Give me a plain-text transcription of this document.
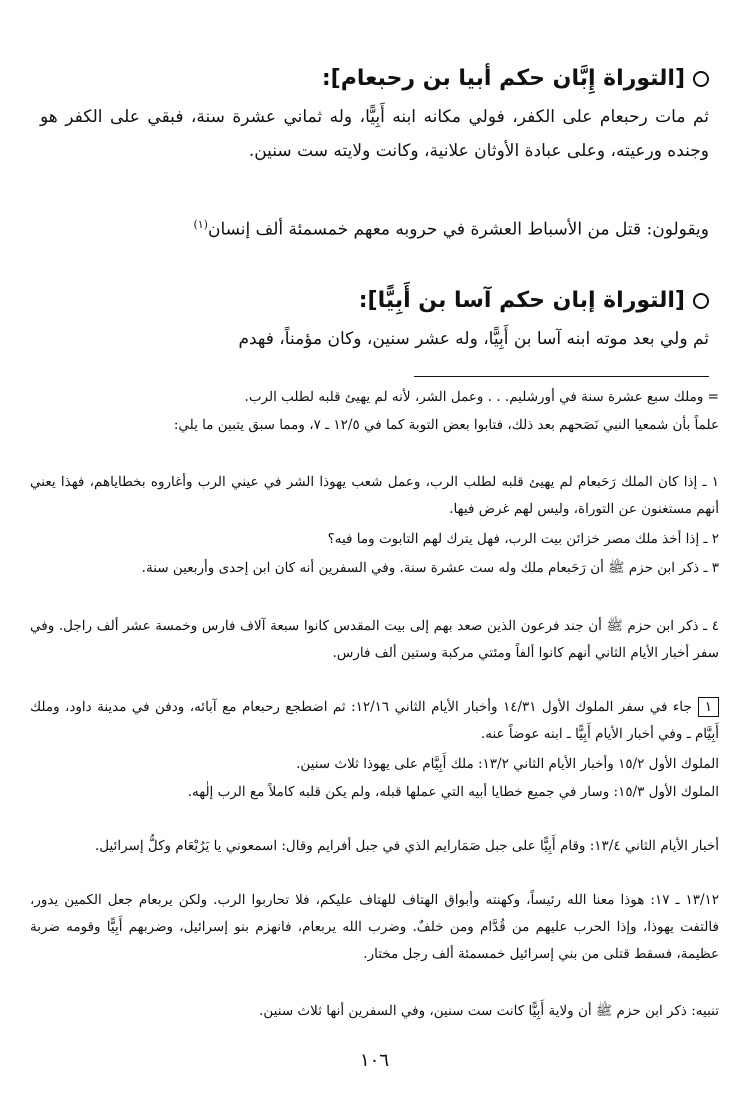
[التوراة إِبَّان حكم أبيا بن رحبعام]:
ثم مات رحبعام على الكفر، فولي مكانه ابنه أَبِيًّا، وله ثماني عشرة سنة، فبقي على الكفر هو وجنده ورعيته، وعلى عبادة الأوثان علانية، وكانت ولايته ست سنين.
ويقولون: قتل من الأسباط العشرة في حروبه معهم خمسمئة ألف إنسان$^{(١)}$
[التوراة إبان حكم آسا بن أَبِيًّا]:
ثم ولي بعد موته ابنه آسا بن أَبِيًّا، وله عشر سنين، وكان مؤمناً، فهدم
= وملك سبع عشرة سنة في أورشليم. . . وعمل الشر، لأنه لم يهيئ قلبه لطلب الرب.
علماً بأن شمعيا النبي نَصَحهم بعد ذلك، فتابوا بعض التوبة كما في ١٢/٥ ـ ٧، ومما سبق يتبين ما يلي:
١ ـ إذا كان الملك رَحَبعام لم يهيئ قلبه لطلب الرب، وعمل شعب يهوذا الشر في عيني الرب وأغاروه بخطاياهم، فهذا يعني أنهم مستغنون عن التوراة، وليس لهم غرض فيها.
٢ ـ إذا أخذ ملك مصر خزائن بيت الرب، فهل يترك لهم التابوت وما فيه؟
٣ ـ ذكر ابن حزم ﷺ أن رَحَبعام ملك وله ست عشرة سنة. وفي السفرين أنه كان ابن إحدى وأربعين سنة.
٤ ـ ذكر ابن حزم ﷺ أن جند فرعون الذين صعد بهم إلى بيت المقدس كانوا سبعة آلاف فارس وخمسة عشر ألف راجل. وفي سفر أخبار الأيام الثاني أنهم كانوا ألفاً ومئتي مركبة وستين ألف فارس.
١جاء في سفر الملوك الأول ١٤/٣١ وأخبار الأيام الثاني ١٢/١٦: ثم اضطجع رحبعام مع آبائه، ودفن في مدينة داود، وملك أَبِيَّام ـ وفي أخبار الأيام أَبِيًّا ـ ابنه عوضاً عنه.
الملوك الأول ١٥/٢ وأخبار الأيام الثاني ١٣/٢: ملك أَبِيَّام على يهوذا ثلاث سنين.
الملوك الأول ١٥/٣: وسار في جميع خطايا أبيه التي عملها قبله، ولم يكن قلبه كاملاً مع الرب إلٰهه.
أخبار الأيام الثاني ١٣/٤: وقام أَبِيًّا على جبل صَمَارايم الذي في جبل أفرايم وقال: اسمعوني يا يَرُبْعَام وكلُّ إسرائيل.
١٣/١٢ ـ ١٧: هوذا معنا الله رئيساً، وكهنته وأبواق الهتاف للهتاف عليكم، فلا تحاربوا الرب. ولكن يربعام جعل الكمين يدور، فالتفت يهوذا، وإذا الحرب عليهم من قُدَّام ومن خلفٌ. وضرب الله يربعام، فانهزم بنو إسرائيل، وضربهم أَبِيًّا وقومه ضربة عظيمة، فسقط قتلى من بني إسرائيل خمسمئة ألف رجل مختار.
تنبيه: ذكر ابن حزم ﷺ أن ولاية أَبِيًّا كانت ست سنين، وفي السفرين أنها ثلاث سنين.
١٠٦
